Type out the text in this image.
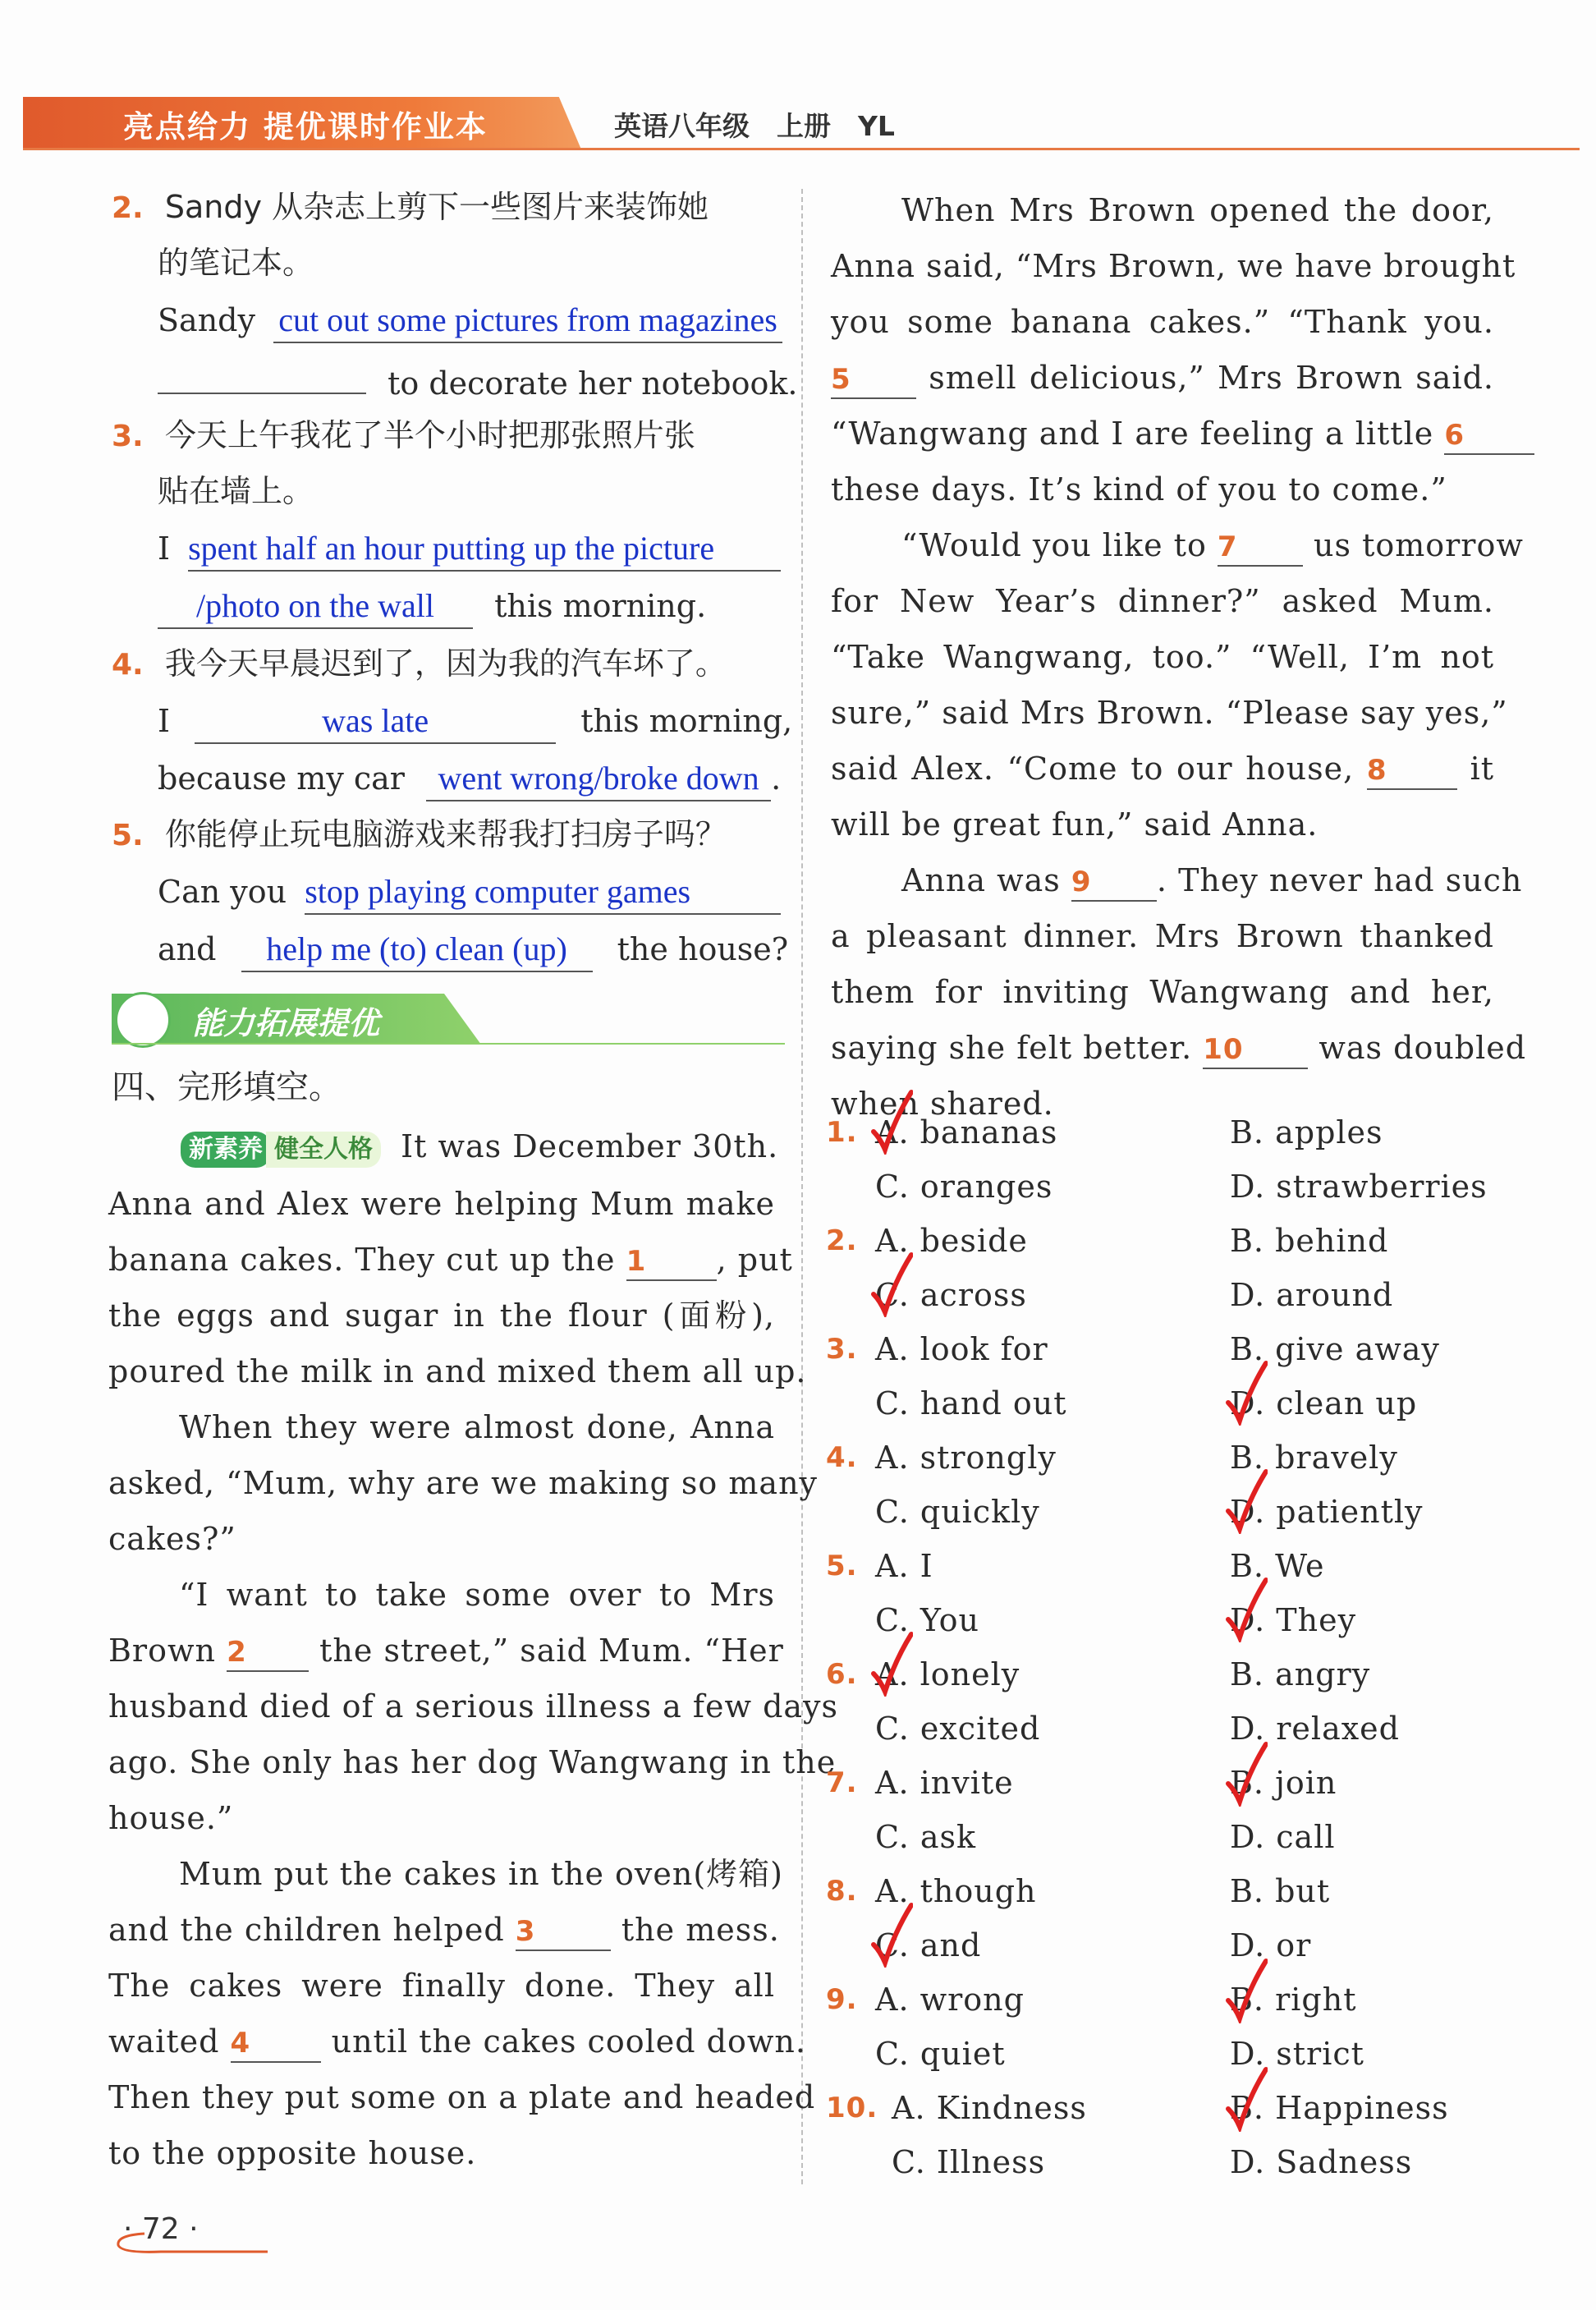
亮点给力 提优课时作业本	英语八年级　上册　YL
2. Sandy 从杂志上剪下一些图片来装饰她
的笔记本。
Sandy cut out some pictures from magazines
to decorate her notebook.
3. 今天上午我花了半个小时把那张照片张
贴在墙上。
I spent half an hour putting up the picture
/photo on the wall this morning.
4. 我今天早晨迟到了，因为我的汽车坏了。
I	was late	this morning,
because my car went wrong/broke down .
5. 你能停止玩电脑游戏来帮我打扫房子吗？
Can you stop playing computer games
and help me (to) clean (up) the house?
能力拓展提优
四、完形填空。
新素养 健全人格 It was December 30th.
Anna and Alex were helping Mum make
banana cakes. They cut up the 1 , put
the eggs and sugar in the flour (面粉),
poured the milk in and mixed them all up.
When they were almost done, Anna
asked, “Mum, why are we making so many
cakes?”
“I want to take some over to Mrs
Brown 2 the street,” said Mum. “Her
husband died of a serious illness a few days
ago. She only has her dog Wangwang in the
house.”
Mum put the cakes in the oven(烤箱)
and the children helped 3	the mess.
The cakes were finally done. They all
waited 4	until the cakes cooled down.
Then they put some on a plate and headed
to the opposite house.
When Mrs Brown opened the door,
Anna said, “Mrs Brown, we have brought
you some banana cakes.” “Thank you.
5 smell delicious,” Mrs Brown said.
“Wangwang and I are feeling a little 6
these days. It’s kind of you to come.”
“Would you like to 7 us tomorrow
for New Year’s dinner?” asked Mum.
“Take Wangwang, too.” “Well, I’m not
sure,” said Mrs Brown. “Please say yes,”
said Alex. “Come to our house, 8	it
will be great fun,” said Anna.
Anna was 9 . They never had such
a pleasant dinner. Mrs Brown thanked
them for inviting Wangwang and her,
saying she felt better. 10 was doubled
when shared.
1. A. bananas	B. apples
C. oranges	D. strawberries
2. A. beside	B. behind
C. across	D. around
3. A. look for	B. give away
C. hand out	D. clean up
4. A. strongly	B. bravely
C. quickly	D. patiently
5. A. I	B. We
C. You	D. They
6. A. lonely	B. angry
C. excited	D. relaxed
7. A. invite	B. join
C. ask	D. call
8. A. though	B. but
C. and	D. or
9. A. wrong	B. right
C. quiet	D. strict
10. A. Kindness	B. Happiness
C. Illness	D. Sadness
· 72 ·
